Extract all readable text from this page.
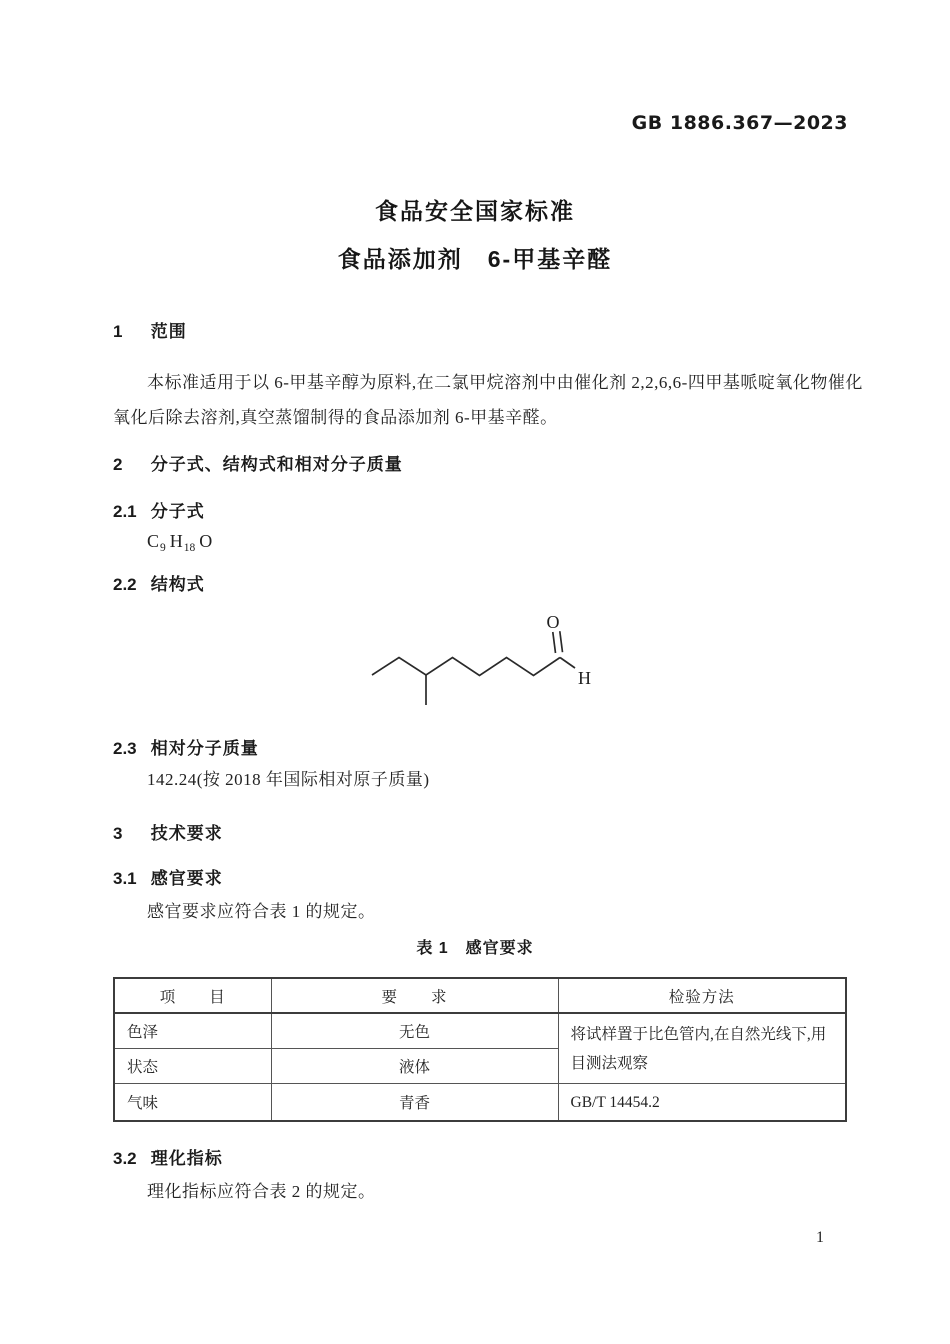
GB 1886.367—2023
食品安全国家标准
食品添加剂　6-甲基辛醛
1 范围
本标准适用于以 6-甲基辛醇为原料,在二氯甲烷溶剂中由催化剂 2,2,6,6-四甲基哌啶氧化物催化
氧化后除去溶剂,真空蒸馏制得的食品添加剂 6-甲基辛醛。
2 分子式、结构式和相对分子质量
2.1 分子式
$C_9$ $H_{18}$ O
2.2 结构式
O
H
2.3 相对分子质量
142.24(按 2018 年国际相对原子质量)
3 技术要求
3.1 感官要求
感官要求应符合表 1 的规定。
表 1　感官要求
项　　目	要　　求	检验方法
色泽	无色	将试样置于比色管内,在自然光线下,用目测法观察
状态	液体	
气味	青香	GB/T 14454.2
3.2 理化指标
理化指标应符合表 2 的规定。
1
